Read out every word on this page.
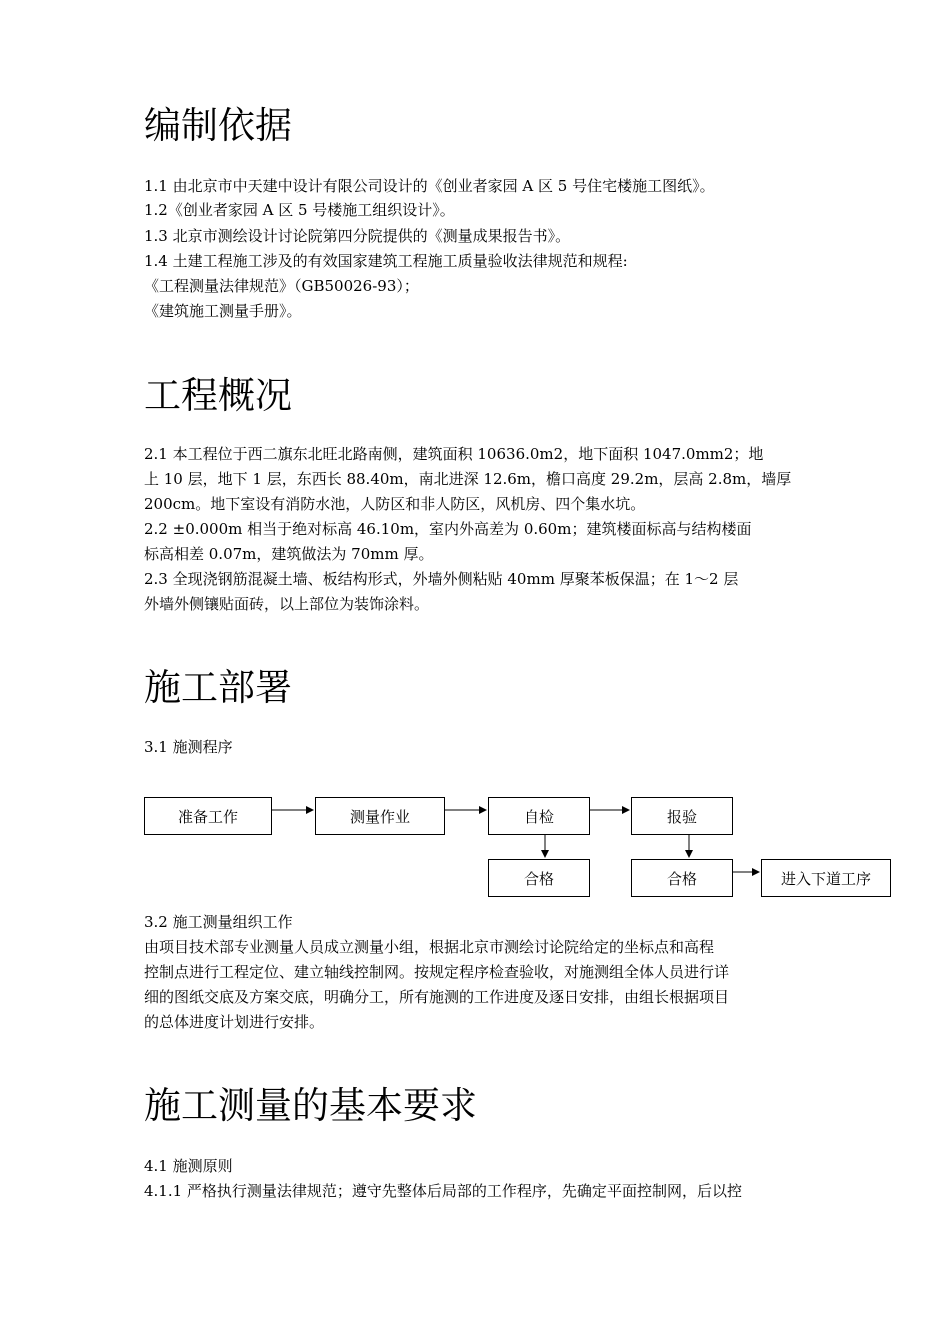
编制依据

1.1 由北京市中天建中设计有限公司设计的《创业者家园 A 区 5 号住宅楼施工图纸》。

1.2《创业者家园 A 区 5 号楼施工组织设计》。

1.3 北京市测绘设计讨论院第四分院提供的《测量成果报告书》。

1.4 土建工程施工涉及的有效国家建筑工程施工质量验收法律规范和规程:

《工程测量法律规范》（GB50026-93）；

《建筑施工测量手册》。

工程概况

2.1 本工程位于西二旗东北旺北路南侧，建筑面积 10636.0m2，地下面积 1047.0mm2；地

上 10 层，地下 1 层，东西长 88.40m，南北进深 12.6m，檐口高度 29.2m，层高 2.8m，墙厚

200cm。地下室设有消防水池，人防区和非人防区，风机房、四个集水坑。

2.2 ±0.000m 相当于绝对标高 46.10m，室内外高差为 0.60m；建筑楼面标高与结构楼面

标高相差 0.07m，建筑做法为 70mm 厚。

2.3 全现浇钢筋混凝土墙、板结构形式，外墙外侧粘贴 40mm 厚聚苯板保温；在 1～2 层

外墙外侧镶贴面砖，以上部位为装饰涂料。

施工部署

3.1 施测程序

准备工作	测量作业	自检	报验
合格	合格	进入下道工序

3.2 施工测量组织工作

由项目技术部专业测量人员成立测量小组，根据北京市测绘讨论院给定的坐标点和高程

控制点进行工程定位、建立轴线控制网。按规定程序检查验收，对施测组全体人员进行详

细的图纸交底及方案交底，明确分工，所有施测的工作进度及逐日安排，由组长根据项目

的总体进度计划进行安排。

施工测量的基本要求

4.1 施测原则

4.1.1 严格执行测量法律规范；遵守先整体后局部的工作程序，先确定平面控制网，后以控
